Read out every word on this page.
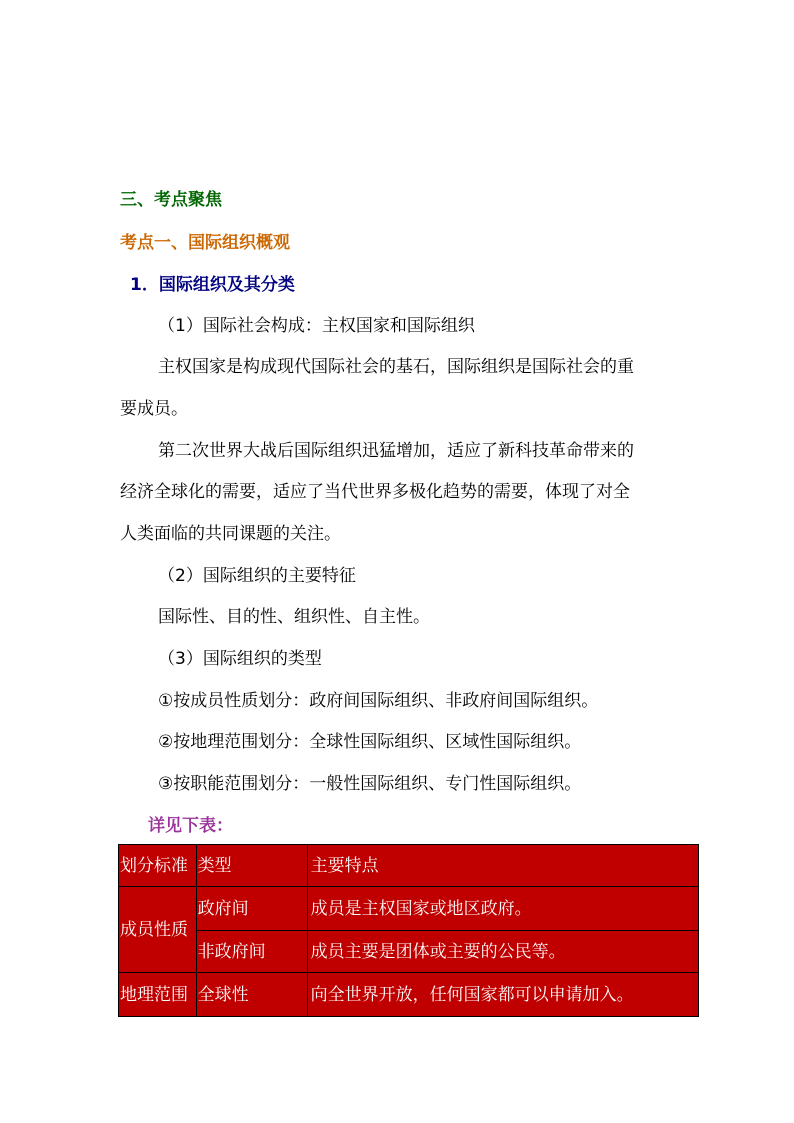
三、考点聚焦
考点一、国际组织概观
1．国际组织及其分类
（1）国际社会构成：主权国家和国际组织
主权国家是构成现代国际社会的基石，国际组织是国际社会的重
要成员。
第二次世界大战后国际组织迅猛增加，适应了新科技革命带来的
经济全球化的需要，适应了当代世界多极化趋势的需要，体现了对全
人类面临的共同课题的关注。
（2）国际组织的主要特征
国际性、目的性、组织性、自主性。
（3）国际组织的类型
①按成员性质划分：政府间国际组织、非政府间国际组织。
②按地理范围划分：全球性国际组织、区域性国际组织。
③按职能范围划分：一般性国际组织、专门性国际组织。
详见下表：
划分标准	类型	主要特点
成员性质	政府间	成员是主权国家或地区政府。
	非政府间	成员主要是团体或主要的公民等。
地理范围	全球性	向全世界开放，任何国家都可以申请加入。
